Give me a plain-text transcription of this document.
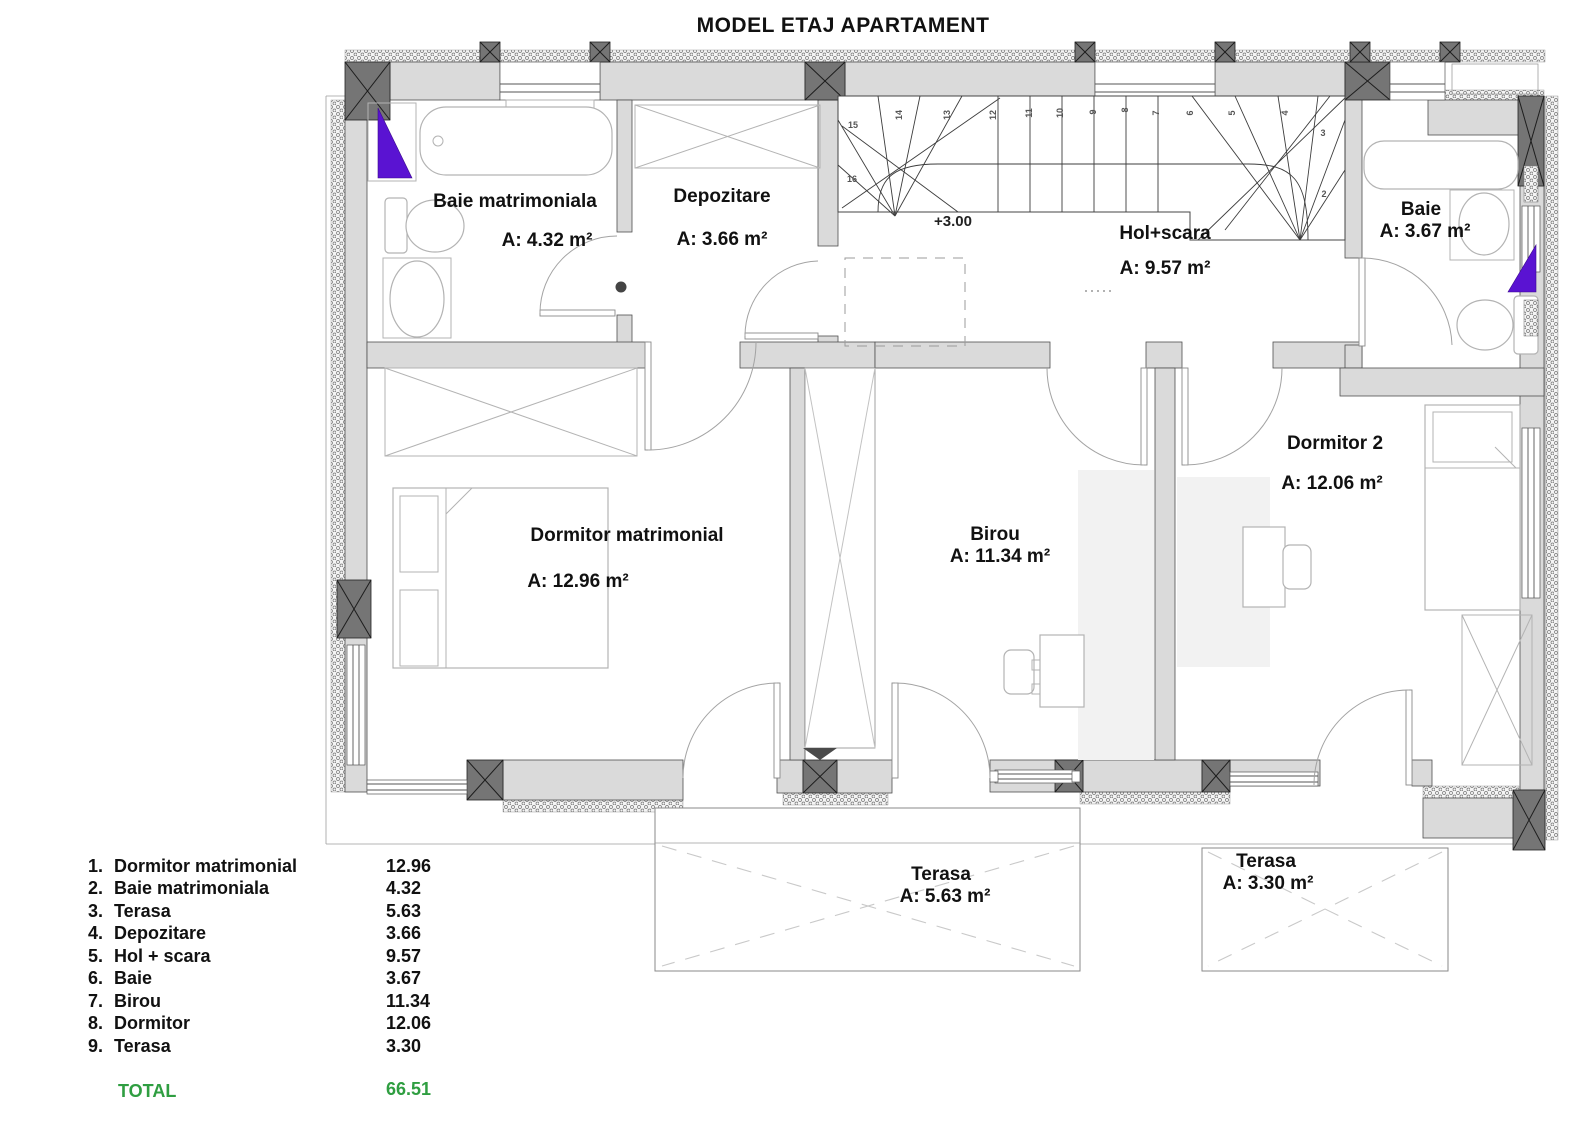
MODEL ETAJ APARTAMENT
15
14	13	12	11 10	9 8
7	6	5	4
3
2
16
Baie matrimoniala
A: 4.32 m²
Depozitare
A: 3.66 m²	Hol+scara
A: 9.57 m²
+3.00
Baie
A: 3.67 m²
Dormitor matrimonial
A: 12.96 m²
Birou
A: 11.34 m²
Dormitor 2
A: 12.06 m²
Terasa
A: 5.63 m²
Terasa
A: 3.30 m²
1. Dormitor matrimonial	12.96
2. Baie matrimoniala	4.32
3. Terasa	5.63
4. Depozitare	3.66
5. Hol + scara	9.57
6. Baie	3.67
7. Birou	11.34
8. Dormitor	12.06
9. Terasa	3.30
TOTAL	66.51
